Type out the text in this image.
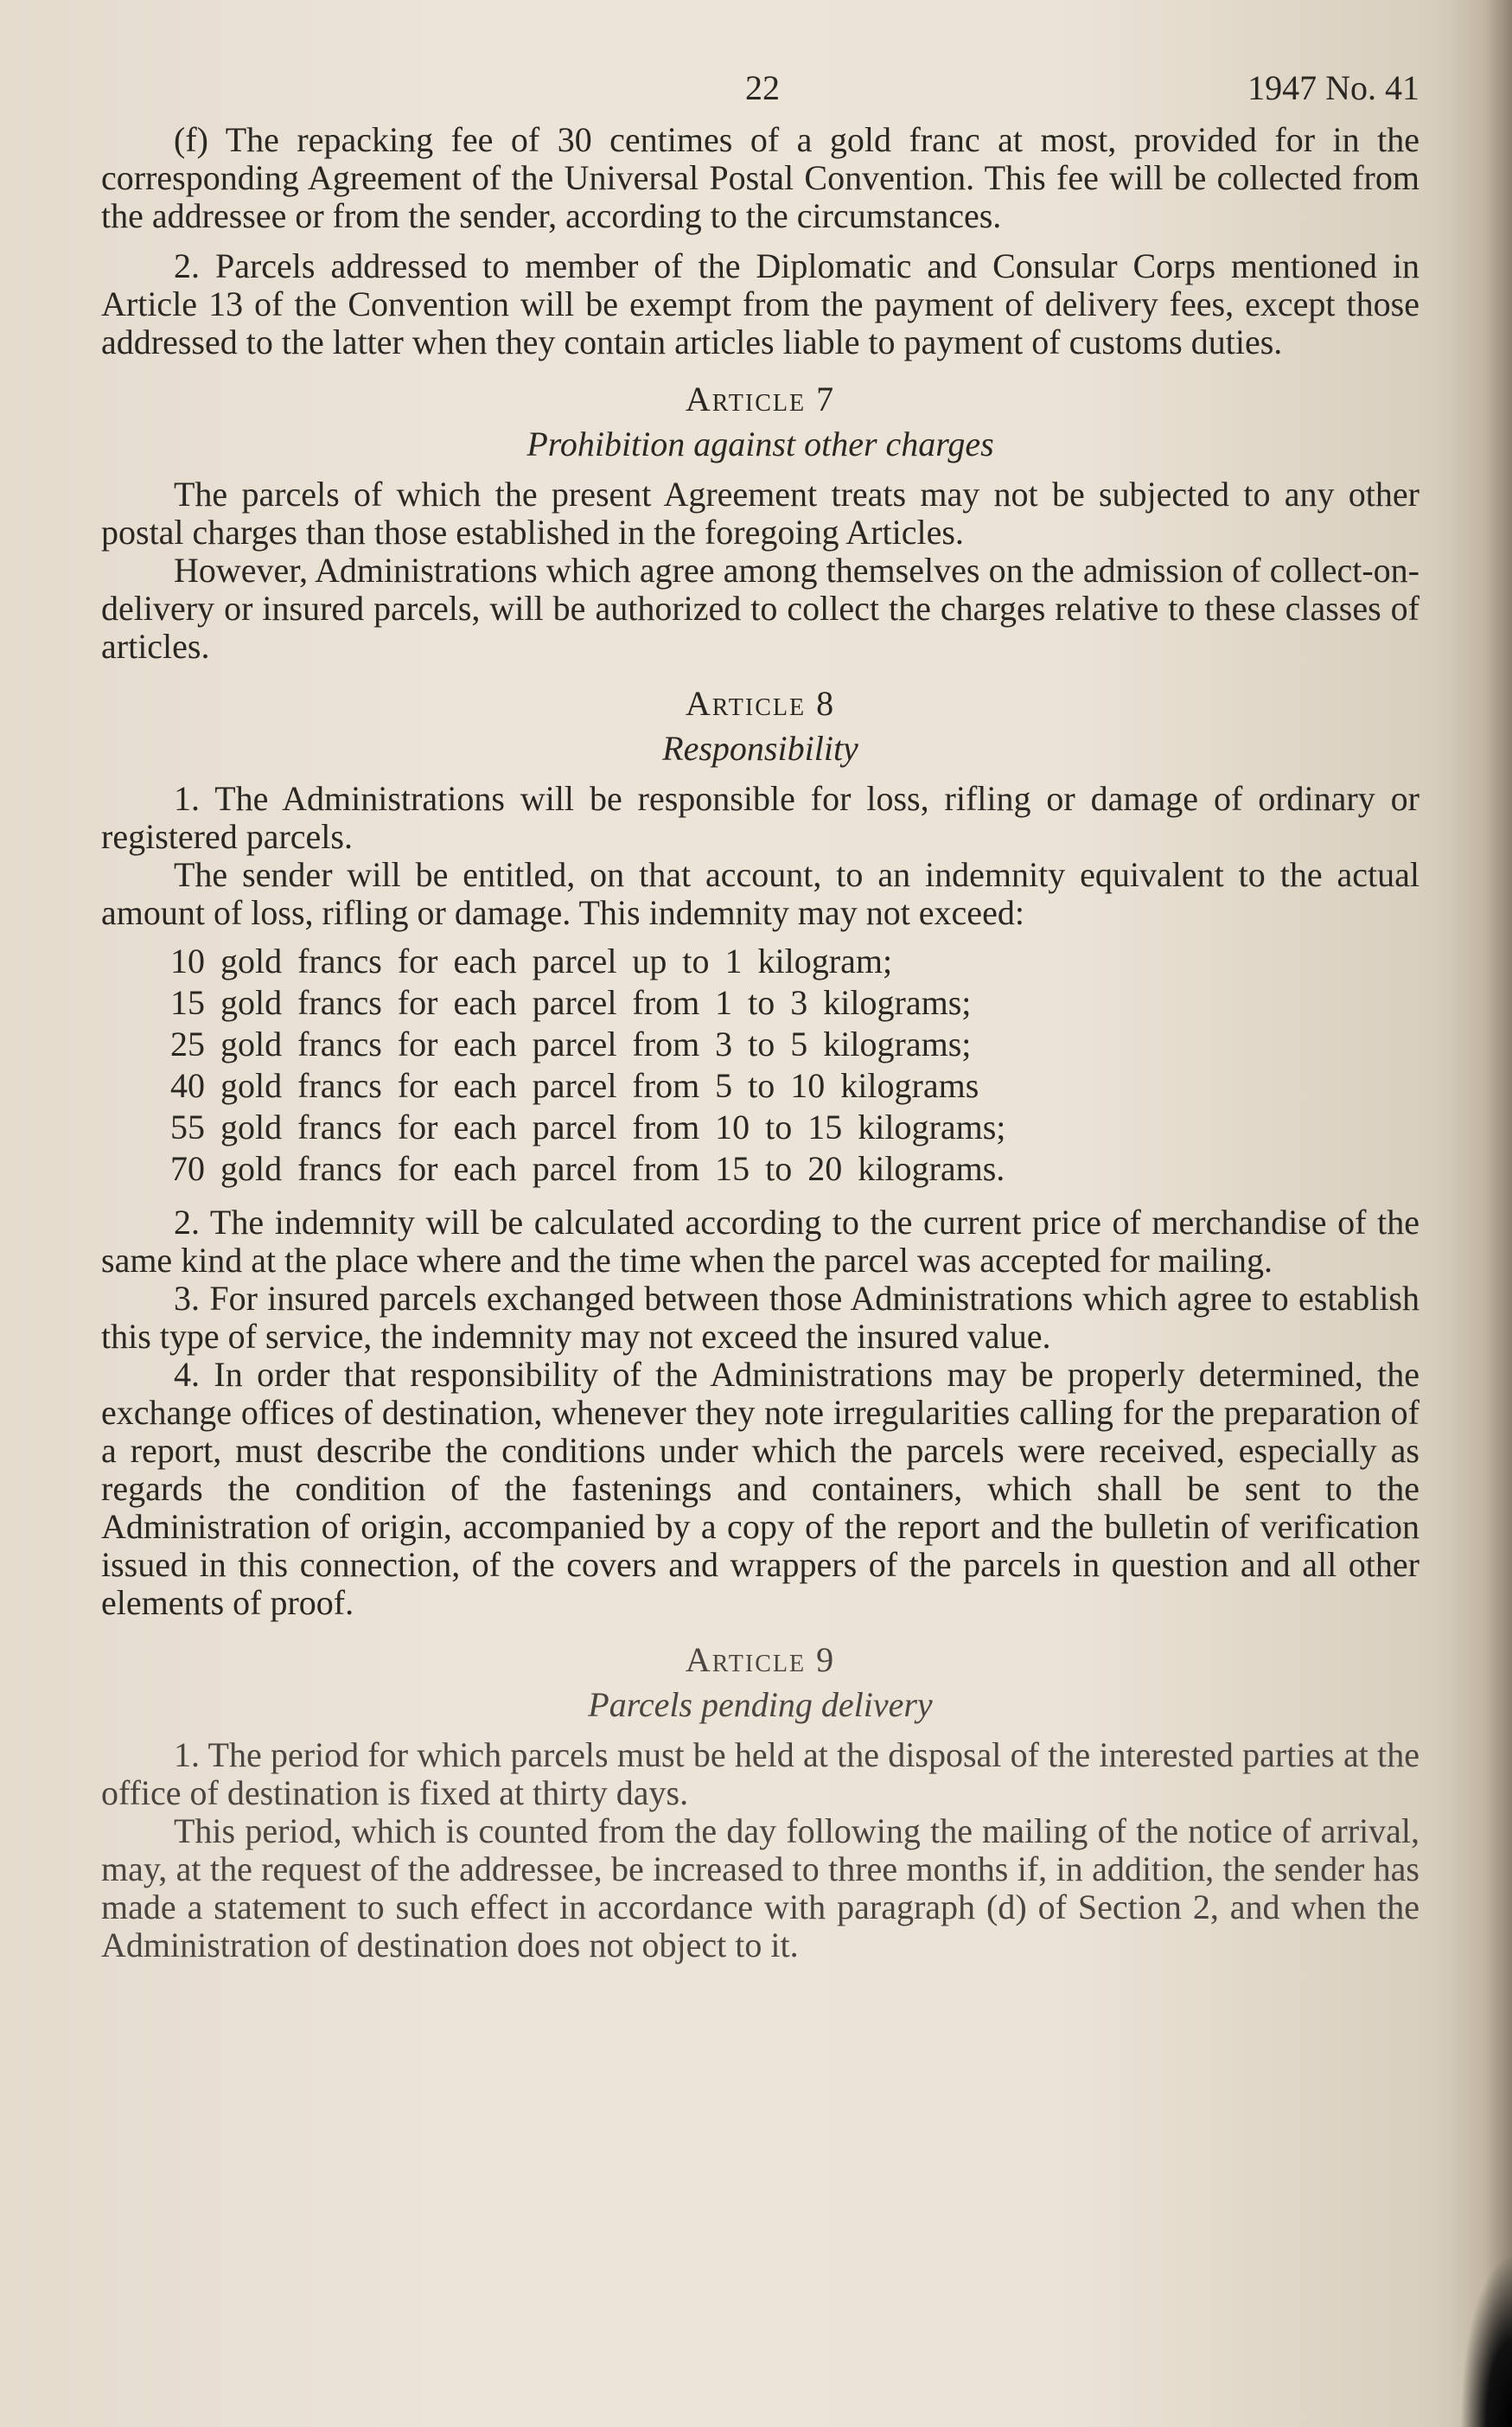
22	1947 No. 41

(f) The repacking fee of 30 centimes of a gold franc at most, provided for in the corresponding Agreement of the Universal Postal Convention. This fee will be collected from the addressee or from the sender, according to the circumstances.

2. Parcels addressed to member of the Diplomatic and Consular Corps mentioned in Article 13 of the Convention will be exempt from the payment of delivery fees, except those addressed to the latter when they contain articles liable to payment of customs duties.

Article 7
Prohibition against other charges

The parcels of which the present Agreement treats may not be subjected to any other postal charges than those established in the foregoing Articles.

However, Administrations which agree among themselves on the admission of collect-on-delivery or insured parcels, will be authorized to collect the charges relative to these classes of articles.

Article 8
Responsibility

1. The Administrations will be responsible for loss, rifling or damage of ordinary or registered parcels.

The sender will be entitled, on that account, to an indemnity equivalent to the actual amount of loss, rifling or damage. This indemnity may not exceed:

10 gold francs for each parcel up to 1 kilogram;
15 gold francs for each parcel from 1 to 3 kilograms;
25 gold francs for each parcel from 3 to 5 kilograms;
40 gold francs for each parcel from 5 to 10 kilograms
55 gold francs for each parcel from 10 to 15 kilograms;
70 gold francs for each parcel from 15 to 20 kilograms.

2. The indemnity will be calculated according to the current price of merchandise of the same kind at the place where and the time when the parcel was accepted for mailing.

3. For insured parcels exchanged between those Administrations which agree to establish this type of service, the indemnity may not exceed the insured value.

4. In order that responsibility of the Administrations may be properly determined, the exchange offices of destination, whenever they note irregularities calling for the preparation of a report, must describe the conditions under which the parcels were received, especially as regards the condition of the fastenings and containers, which shall be sent to the Administration of origin, accompanied by a copy of the report and the bulletin of verification issued in this connection, of the covers and wrappers of the parcels in question and all other elements of proof.

Article 9
Parcels pending delivery

1. The period for which parcels must be held at the disposal of the interested parties at the office of destination is fixed at thirty days.

This period, which is counted from the day following the mailing of the notice of arrival, may, at the request of the addressee, be increased to three months if, in addition, the sender has made a statement to such effect in accordance with paragraph (d) of Section 2, and when the Administration of destination does not object to it.
